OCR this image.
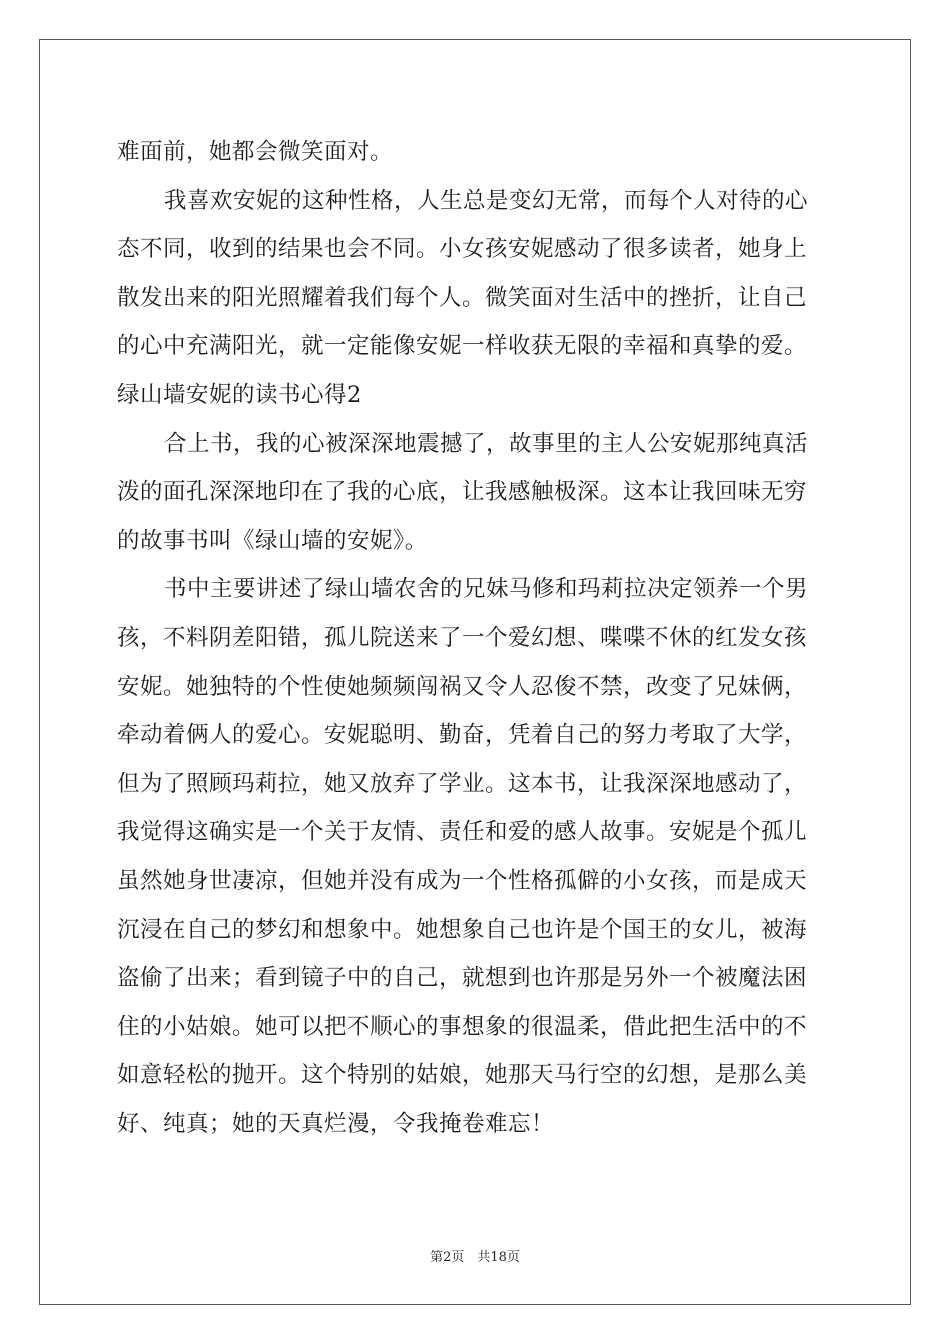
难面前，她都会微笑面对。
我喜欢安妮的这种性格，人生总是变幻无常，而每个人对待的心
态不同，收到的结果也会不同。小女孩安妮感动了很多读者，她身上
散发出来的阳光照耀着我们每个人。微笑面对生活中的挫折，让自己
的心中充满阳光，就一定能像安妮一样收获无限的幸福和真挚的爱。
绿山墙安妮的读书心得2
合上书，我的心被深深地震撼了，故事里的主人公安妮那纯真活
泼的面孔深深地印在了我的心底，让我感触极深。这本让我回味无穷
的故事书叫《绿山墙的安妮》。
书中主要讲述了绿山墙农舍的兄妹马修和玛莉拉决定领养一个男
孩，不料阴差阳错，孤儿院送来了一个爱幻想、喋喋不休的红发女孩
安妮。她独特的个性使她频频闯祸又令人忍俊不禁，改变了兄妹俩，
牵动着俩人的爱心。安妮聪明、勤奋，凭着自己的努力考取了大学，
但为了照顾玛莉拉，她又放弃了学业。这本书，让我深深地感动了，
我觉得这确实是一个关于友情、责任和爱的感人故事。安妮是个孤儿
虽然她身世凄凉，但她并没有成为一个性格孤僻的小女孩，而是成天
沉浸在自己的梦幻和想象中。她想象自己也许是个国王的女儿，被海
盗偷了出来；看到镜子中的自己，就想到也许那是另外一个被魔法困
住的小姑娘。她可以把不顺心的事想象的很温柔，借此把生活中的不
如意轻松的抛开。这个特别的姑娘，她那天马行空的幻想，是那么美
好、纯真；她的天真烂漫，令我掩卷难忘！
第2页　共18页
